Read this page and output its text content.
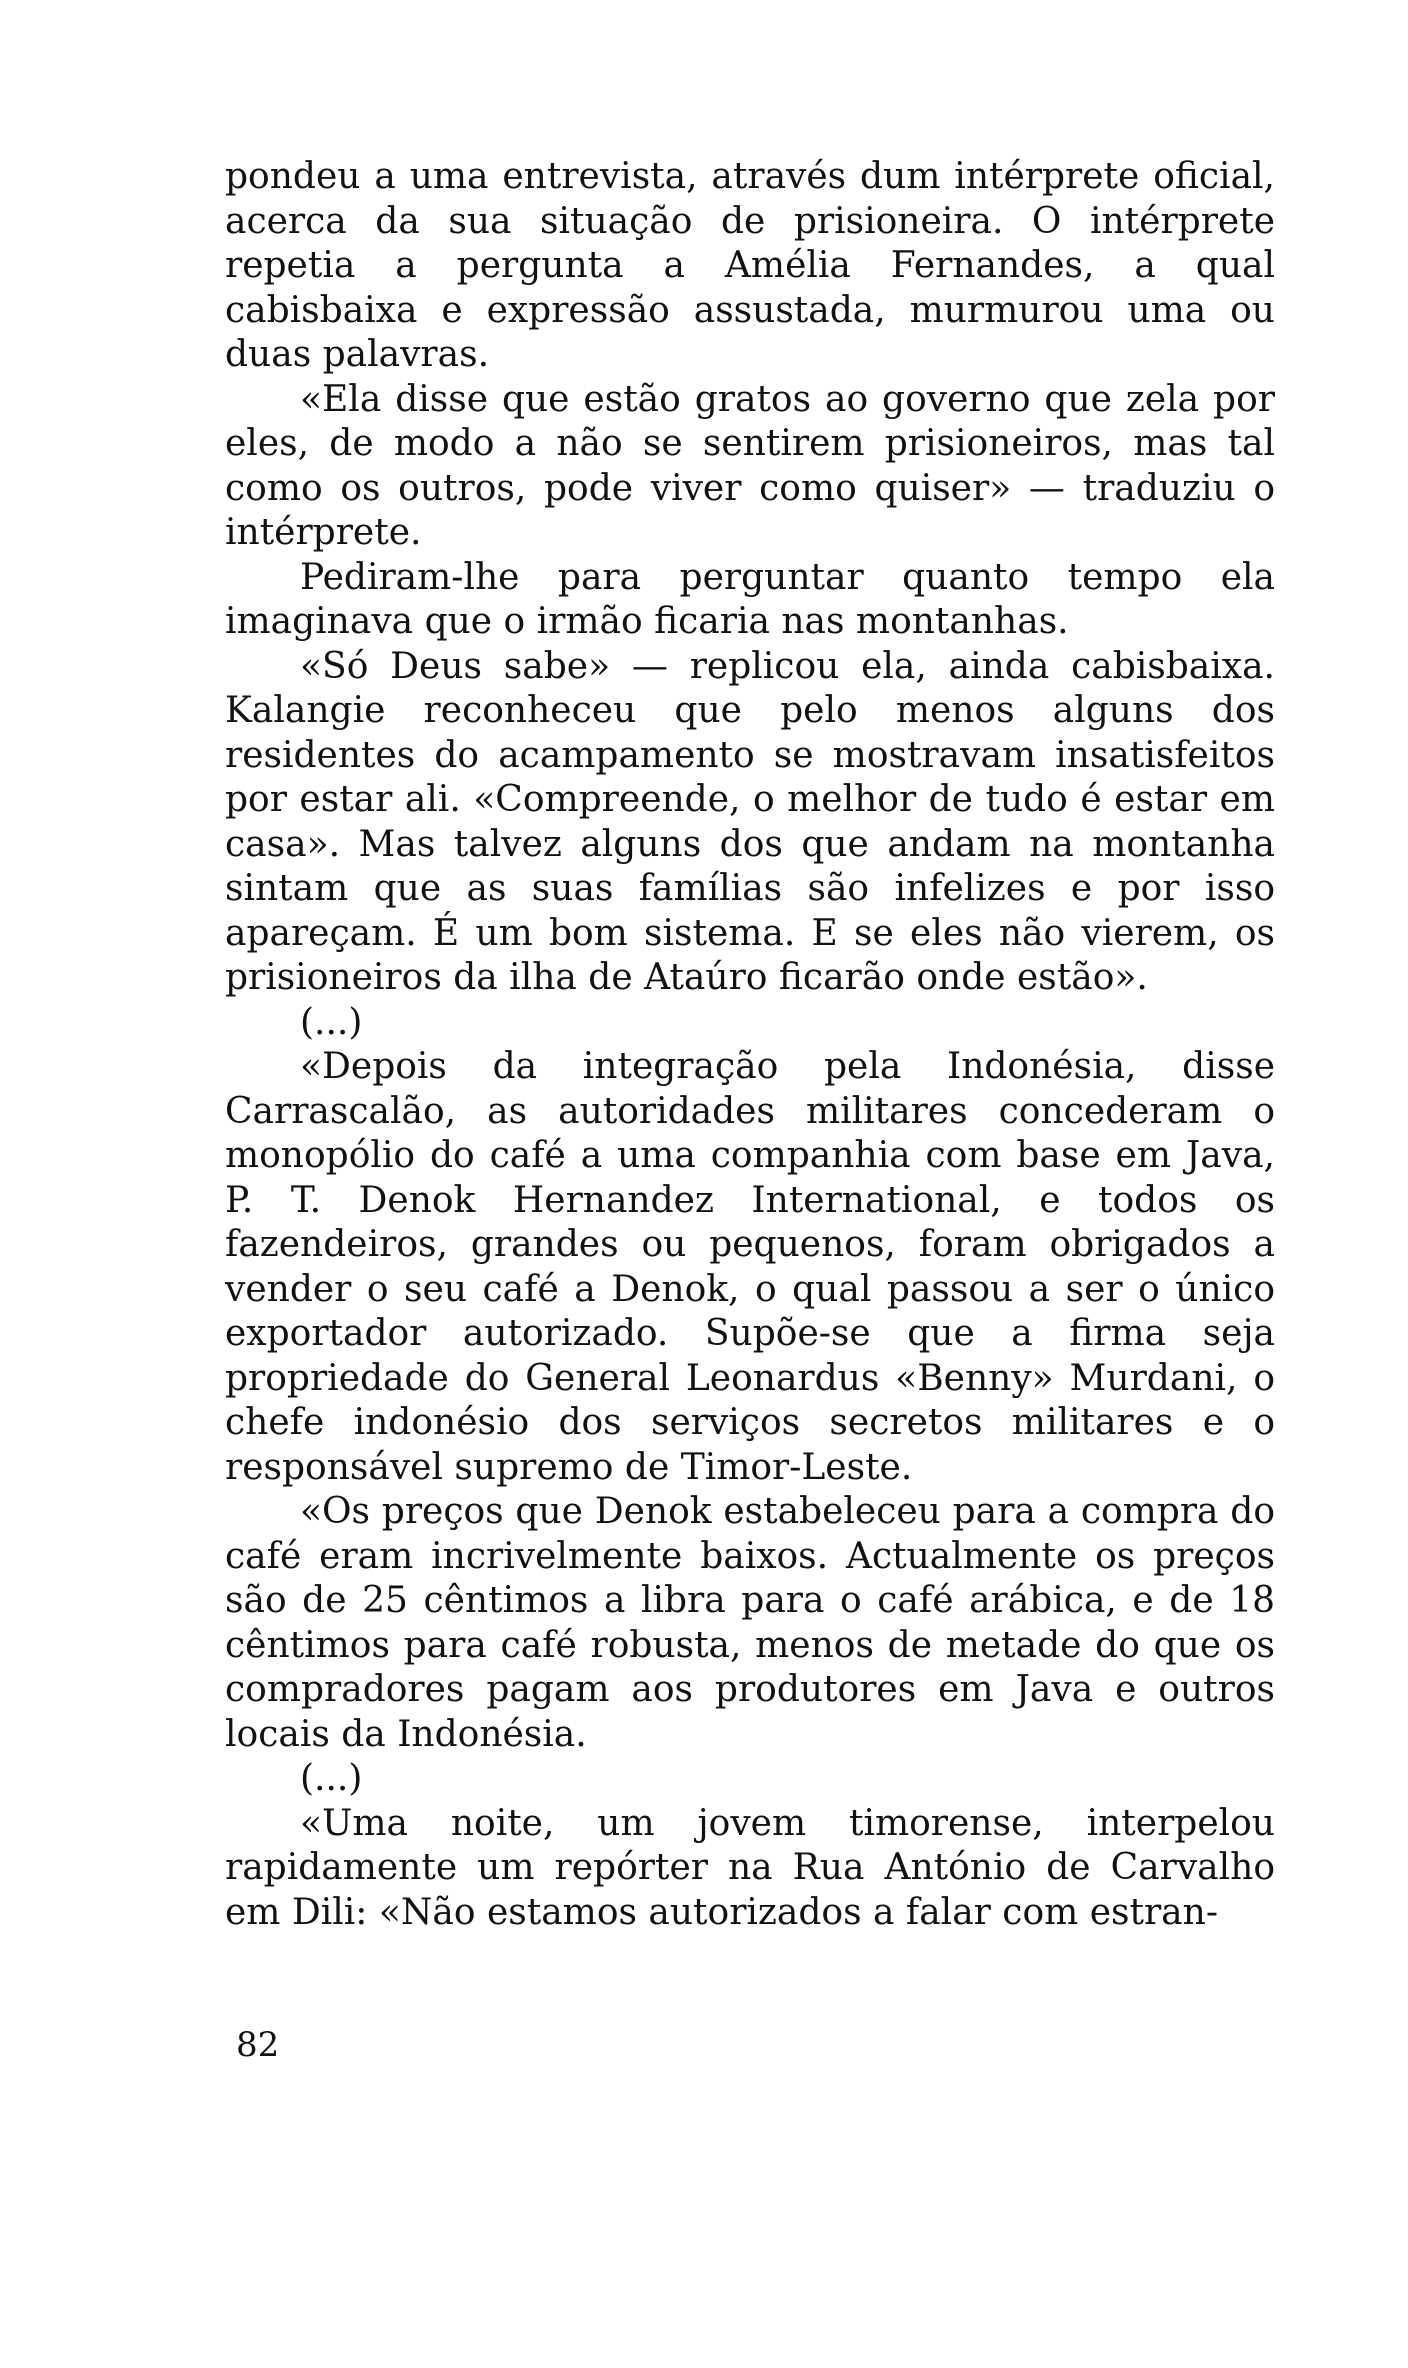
pondeu a uma entrevista, através dum intérprete oficial, acerca da sua situação de prisioneira. O intérprete repetia a pergunta a Amélia Fernandes, a qual cabisbaixa e expressão assustada, murmurou uma ou duas palavras.

«Ela disse que estão gratos ao governo que zela por eles, de modo a não se sentirem prisioneiros, mas tal como os outros, pode viver como quiser» — traduziu o intérprete.

Pediram-lhe para perguntar quanto tempo ela imaginava que o irmão ficaria nas montanhas.

«Só Deus sabe» — replicou ela, ainda cabisbaixa. Kalangie reconheceu que pelo menos alguns dos residentes do acampamento se mostravam insatisfeitos por estar ali. «Compreende, o melhor de tudo é estar em casa». Mas talvez alguns dos que andam na montanha sintam que as suas famílias são infelizes e por isso apareçam. É um bom sistema. E se eles não vierem, os prisioneiros da ilha de Ataúro ficarão onde estão».

(...)

«Depois da integração pela Indonésia, disse Carrascalão, as autoridades militares concederam o monopólio do café a uma companhia com base em Java, P. T. Denok Hernandez International, e todos os fazendeiros, grandes ou pequenos, foram obrigados a vender o seu café a Denok, o qual passou a ser o único exportador autorizado. Supõe-se que a firma seja propriedade do General Leonardus «Benny» Murdani, o chefe indonésio dos serviços secretos militares e o responsável supremo de Timor-Leste.

«Os preços que Denok estabeleceu para a compra do café eram incrivelmente baixos. Actualmente os preços são de 25 cêntimos a libra para o café arábica, e de 18 cêntimos para café robusta, menos de metade do que os compradores pagam aos produtores em Java e outros locais da Indonésia.

(...)

«Uma noite, um jovem timorense, interpelou rapidamente um repórter na Rua António de Carvalho em Dili: «Não estamos autorizados a falar com estran-

82
